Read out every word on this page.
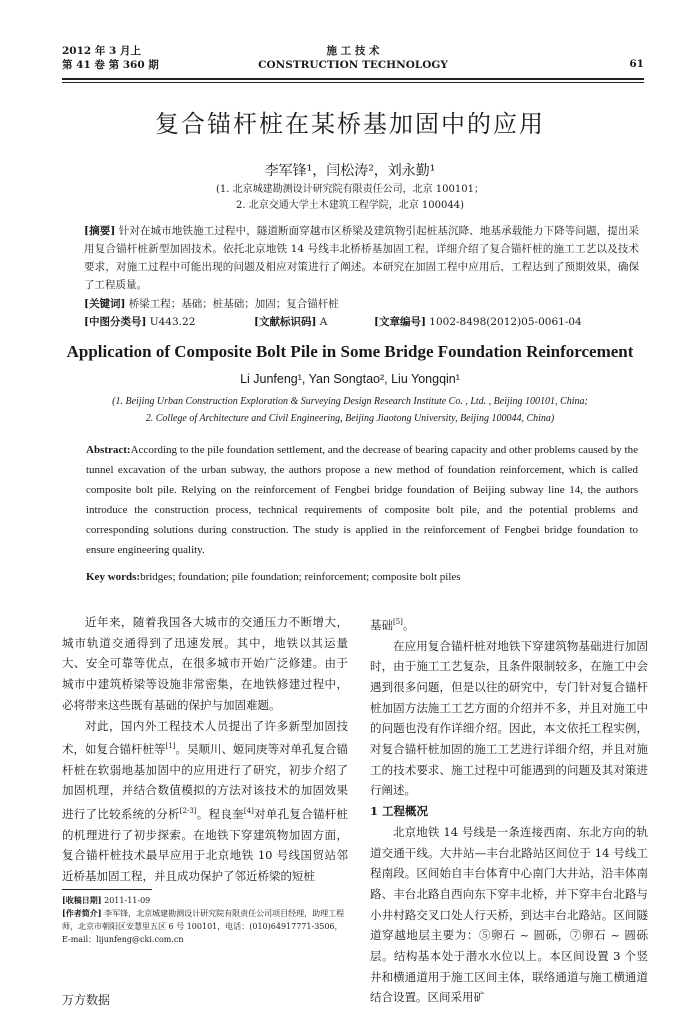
2012 年 3 月上
第 41 卷 第 360 期
施 工 技 术
CONSTRUCTION TECHNOLOGY	61
复合锚杆桩在某桥基加固中的应用
李军锋¹，闫松涛²，刘永勤¹
(1. 北京城建勘测设计研究院有限责任公司，北京 100101；
2. 北京交通大学土木建筑工程学院，北京 100044)
[摘要] 针对在城市地铁施工过程中，隧道断面穿越市区桥梁及建筑物引起桩基沉降、地基承载能力下降等问题，提出采用复合锚杆桩新型加固技术。依托北京地铁 14 号线丰北桥桥基加固工程，详细介绍了复合锚杆桩的施工工艺以及技术要求，对施工过程中可能出现的问题及相应对策进行了阐述。本研究在加固工程中应用后，工程达到了预期效果，确保了工程质量。
[关键词] 桥梁工程；基础；桩基础；加固；复合锚杆桩
[中图分类号] U443.22	[文献标识码] A	[文章编号] 1002-8498(2012)05-0061-04
Application of Composite Bolt Pile in Some Bridge Foundation Reinforcement
Li Junfeng¹, Yan Songtao², Liu Yongqin¹
(1. Beijing Urban Construction Exploration & Surveying Design Research Institute Co. , Ltd. , Beijing 100101, China;
2. College of Architecture and Civil Engineering, Beijing Jiaotong University, Beijing 100044, China)
Abstract:According to the pile foundation settlement, and the decrease of bearing capacity and other problems caused by the tunnel excavation of the urban subway, the authors propose a new method of foundation reinforcement, which is called composite bolt pile. Relying on the reinforcement of Fengbei bridge foundation of Beijing subway line 14, the authors introduce the construction process, technical requirements of composite bolt pile, and the potential problems and corresponding solutions during construction. The study is applied in the reinforcement of Fengbei bridge foundation to ensure engineering quality.
Key words:bridges; foundation; pile foundation; reinforcement; composite bolt piles

近年来，随着我国各大城市的交通压力不断增大，城市轨道交通得到了迅速发展。其中，地铁以其运量大、安全可靠等优点，在很多城市开始广泛修建。由于城市中建筑桥梁等设施非常密集，在地铁修建过程中，必将带来这些既有基础的保护与加固难题。

对此，国内外工程技术人员提出了许多新型加固技术，如复合锚杆桩等[1]。吴顺川、姬同庚等对单孔复合锚杆桩在软弱地基加固中的应用进行了研究，初步介绍了加固机理，并结合数值模拟的方法对该技术的加固效果进行了比较系统的分析[2-3]。程良奎[4]对单孔复合锚杆桩的机理进行了初步探索。在地铁下穿建筑物加固方面，复合锚杆桩技术最早应用于北京地铁 10 号线国贸站邻近桥基加固工程，并且成功保护了邻近桥梁的短桩

基础[5]。

在应用复合锚杆桩对地铁下穿建筑物基础进行加固时，由于施工工艺复杂，且条件限制较多，在施工中会遇到很多问题，但是以往的研究中，专门针对复合锚杆桩加固方法施工工艺方面的介绍并不多，并且对施工中的问题也没有作详细介绍。因此，本文依托工程实例，对复合锚杆桩加固的施工工艺进行详细介绍，并且对施工的技术要求、施工过程中可能遇到的问题及其对策进行阐述。

1 工程概况

北京地铁 14 号线是一条连接西南、东北方向的轨道交通干线。大井站—丰台北路站区间位于 14 号线工程南段。区间始自丰台体育中心南门大井站，沿丰体南路、丰台北路自西向东下穿丰北桥，并下穿丰台北路与小井村路交叉口处人行天桥，到达丰台北路站。区间隧道穿越地层主要为：⑤卵石 ~ 圆砾，⑦卵石 ~ 圆砾层。结构基本处于潜水水位以上。本区间设置 3 个竖井和横通道用于施工区间主体，联络通道与施工横通道结合设置。区间采用矿

[收稿日期] 2011-11-09
[作者简介] 李军锋，北京城建勘测设计研究院有限责任公司项目经理，助理工程师，北京市朝阳区安慧里五区 6 号 100101，电话：(010)64917771-3506，E-mail：lijunfeng@cki.com.cn
万方数据
